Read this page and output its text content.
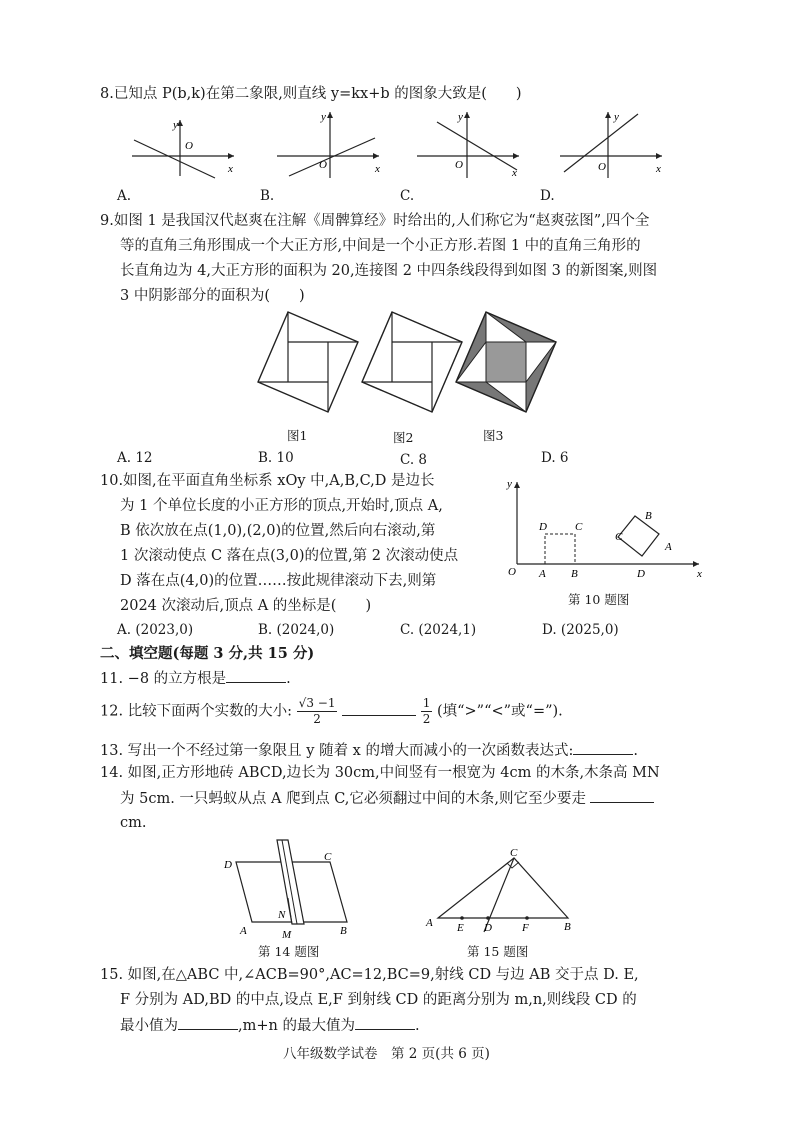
8.已知点 P(b,k)在第二象限,则直线 y=kx+b 的图象大致是(　　)
O
x
y
O	x
y
O
x
y
O	x
y
A.	B.	C.	D.
9.如图 1 是我国汉代赵爽在注解《周髀算经》时给出的,人们称它为“赵爽弦图”,四个全
等的直角三角形围成一个大正方形,中间是一个小正方形.若图 1 中的直角三角形的
长直角边为 4,大正方形的面积为 20,连接图 2 中四条线段得到如图 3 的新图案,则图
3 中阴影部分的面积为(　　)
图1	图2	图3
A. 12	B. 10	C. 8	D. 6
10.如图,在平面直角坐标系 xOy 中,A,B,C,D 是边长
为 1 个单位长度的小正方形的顶点,开始时,顶点 A,
B 依次放在点(1,0),(2,0)的位置,然后向右滚动,第
1 次滚动使点 C 落在点(3,0)的位置,第 2 次滚动使点
D 落在点(4,0)的位置……按此规律滚动下去,则第
2024 次滚动后,顶点 A 的坐标是(　　)
y
x
O A B
D	C
D
A
B
C
第 10 题图
A. (2023,0)	B. (2024,0)	C. (2024,1)	D. (2025,0)
二、填空题(每题 3 分,共 15 分)
11. −8 的立方根是	.
12. 比较下面两个实数的大小: $\frac{√3 -1}{2}$
	$\frac{1}{2}$ (填“>”“<”或“=”).
13. 写出一个不经过第一象限且 y 随着 x 的增大而减小的一次函数表达式:	.
14. 如图,正方形地砖 ABCD,边长为 30cm,中间竖有一根宽为 4cm 的木条,木条高 MN
为 5cm. 一只蚂蚁从点 A 爬到点 C,它必须翻过中间的木条,则它至少要走
cm.
D
C
A	B
N
M
第 14 题图
C
A	B
E D	F
第 15 题图
15. 如图,在△ABC 中,∠ACB=90°,AC=12,BC=9,射线 CD 与边 AB 交于点 D. E,
F 分别为 AD,BD 的中点,设点 E,F 到射线 CD 的距离分别为 m,n,则线段 CD 的
最小值为	,m+n 的最大值为	.
八年级数学试卷　第 2 页(共 6 页)
